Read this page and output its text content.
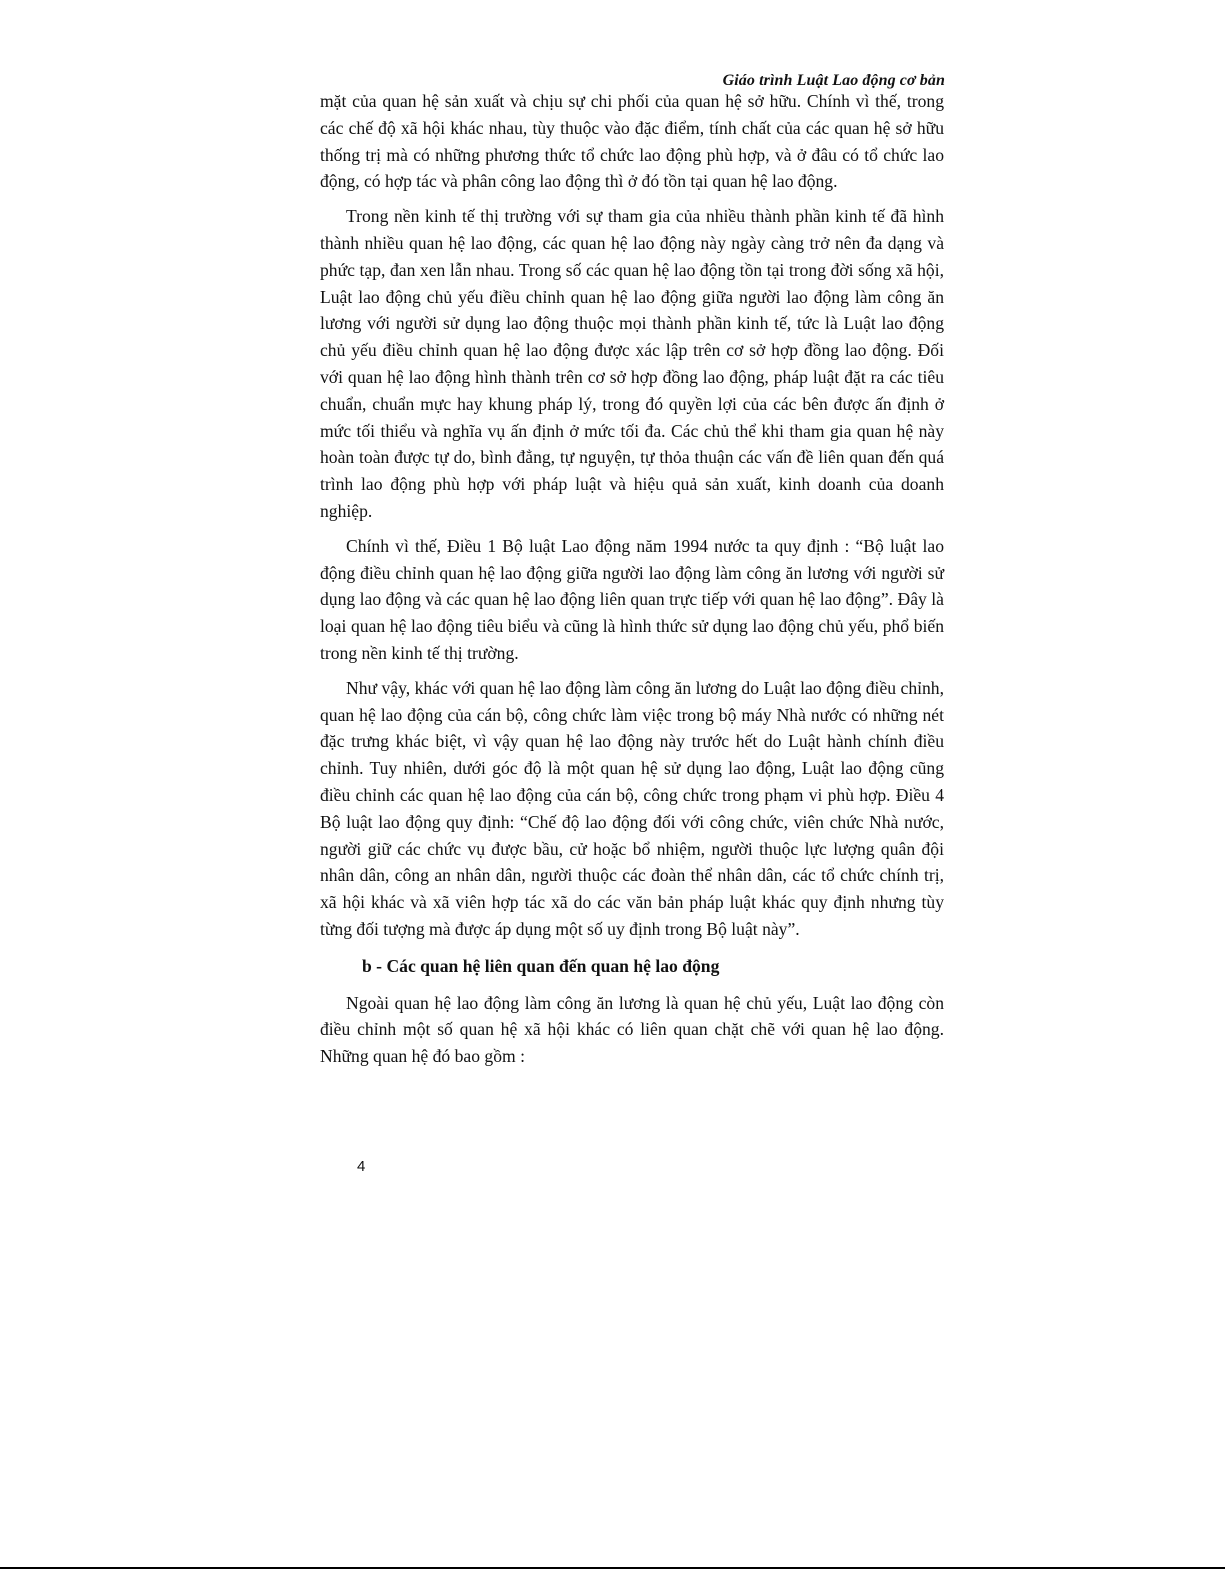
Giáo trình Luật Lao động cơ bản

mặt của quan hệ sản xuất và chịu sự chi phối của quan hệ sở hữu. Chính vì thế, trong các chế độ xã hội khác nhau, tùy thuộc vào đặc điểm, tính chất của các quan hệ sở hữu thống trị mà có những phương thức tổ chức lao động phù hợp, và ở đâu có tổ chức lao động, có hợp tác và phân công lao động thì ở đó tồn tại quan hệ lao động.

Trong nền kinh tế thị trường với sự tham gia của nhiều thành phần kinh tế đã hình thành nhiều quan hệ lao động, các quan hệ lao động này ngày càng trở nên đa dạng và phức tạp, đan xen lẫn nhau. Trong số các quan hệ lao động tồn tại trong đời sống xã hội, Luật lao động chủ yếu điều chỉnh quan hệ lao động giữa người lao động làm công ăn lương với người sử dụng lao động thuộc mọi thành phần kinh tế, tức là Luật lao động chủ yếu điều chỉnh quan hệ lao động được xác lập trên cơ sở hợp đồng lao động. Đối với quan hệ lao động hình thành trên cơ sở hợp đồng lao động, pháp luật đặt ra các tiêu chuẩn, chuẩn mực hay khung pháp lý, trong đó quyền lợi của các bên được ấn định ở mức tối thiểu và nghĩa vụ ấn định ở mức tối đa. Các chủ thể khi tham gia quan hệ này hoàn toàn được tự do, bình đẳng, tự nguyện, tự thỏa thuận các vấn đề liên quan đến quá trình lao động phù hợp với pháp luật và hiệu quả sản xuất, kinh doanh của doanh nghiệp.

Chính vì thế, Điều 1 Bộ luật Lao động năm 1994 nước ta quy định : “Bộ luật lao động điều chỉnh quan hệ lao động giữa người lao động làm công ăn lương với người sử dụng lao động và các quan hệ lao động liên quan trực tiếp với quan hệ lao động”. Đây là loại quan hệ lao động tiêu biểu và cũng là hình thức sử dụng lao động chủ yếu, phổ biến trong nền kinh tế thị trường.

Như vậy, khác với quan hệ lao động làm công ăn lương do Luật lao động điều chỉnh, quan hệ lao động của cán bộ, công chức làm việc trong bộ máy Nhà nước có những nét đặc trưng khác biệt, vì vậy quan hệ lao động này trước hết do Luật hành chính điều chỉnh. Tuy nhiên, dưới góc độ là một quan hệ sử dụng lao động, Luật lao động cũng điều chỉnh các quan hệ lao động của cán bộ, công chức trong phạm vi phù hợp. Điều 4 Bộ luật lao động quy định: “Chế độ lao động đối với công chức, viên chức Nhà nước, người giữ các chức vụ được bầu, cử hoặc bổ nhiệm, người thuộc lực lượng quân đội nhân dân, công an nhân dân, người thuộc các đoàn thể nhân dân, các tổ chức chính trị, xã hội khác và xã viên hợp tác xã do các văn bản pháp luật khác quy định nhưng tùy từng đối tượng mà được áp dụng một số uy định trong Bộ luật này”.

b - Các quan hệ liên quan đến quan hệ lao động

Ngoài quan hệ lao động làm công ăn lương là quan hệ chủ yếu, Luật lao động còn điều chỉnh một số quan hệ xã hội khác có liên quan chặt chẽ với quan hệ lao động. Những quan hệ đó bao gồm :

4
